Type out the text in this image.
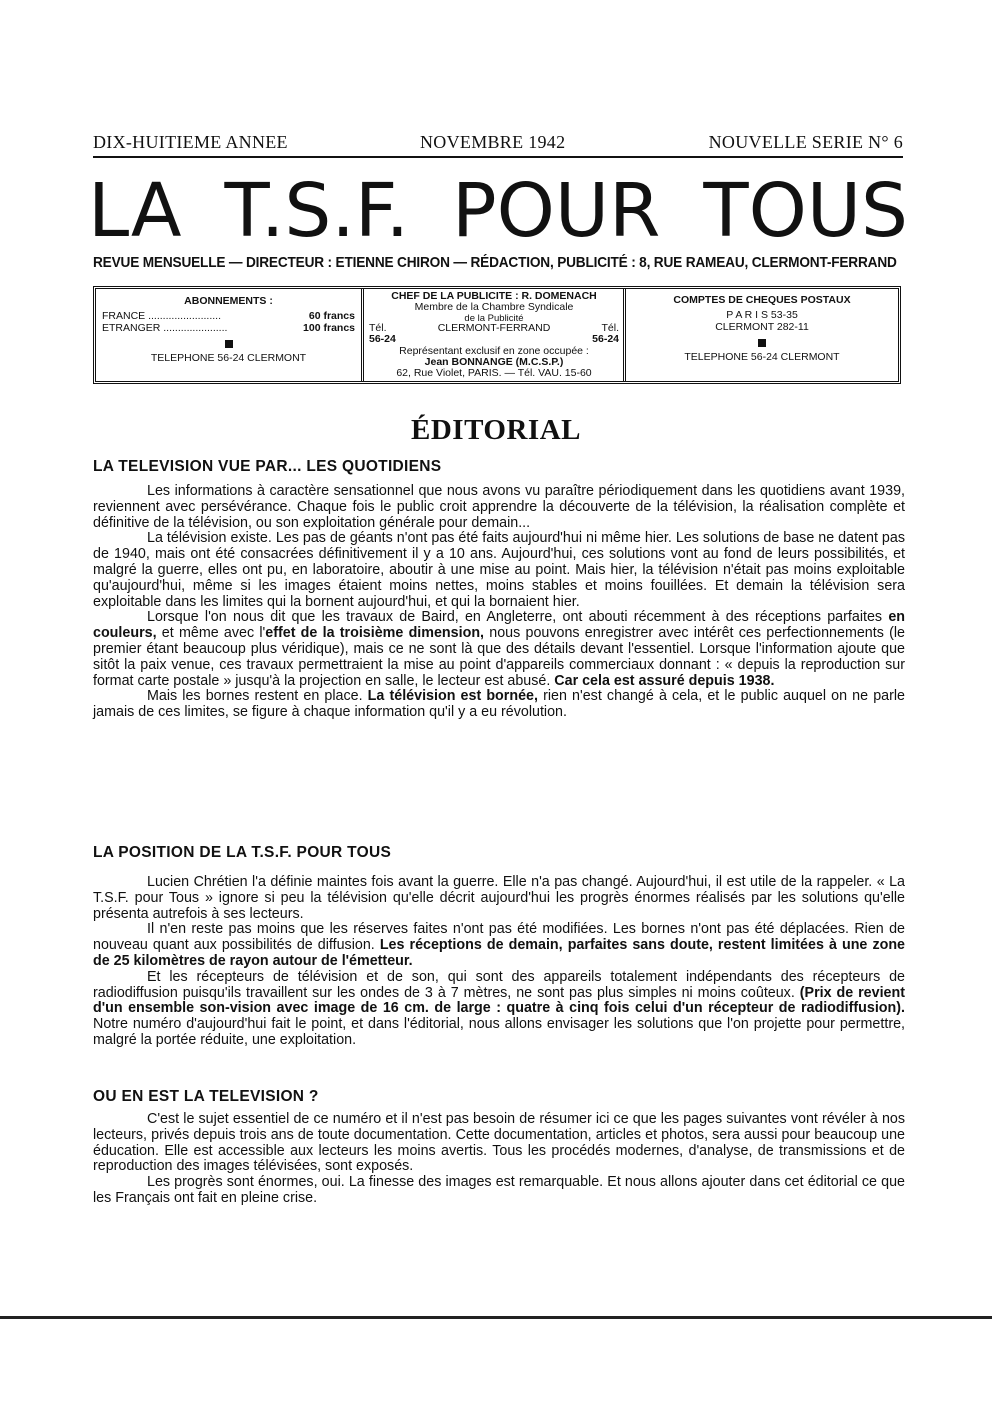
DIX-HUITIEME ANNEE	NOVEMBRE 1942	NOUVELLE SERIE N° 6
LA T.S.F. POUR TOUS
REVUE MENSUELLE — DIRECTEUR : ETIENNE CHIRON — RÉDACTION, PUBLICITÉ : 8, RUE RAMEAU, CLERMONT-FERRAND
ABONNEMENTS :
FRANCE .........................	60 francs
ETRANGER ......................	100 francs
TELEPHONE 56-24 CLERMONT
CHEF DE LA PUBLICITE : R. DOMENACH
Membre de la Chambre Syndicale
de la Publicité
Tél.	CLERMONT-FERRAND	Tél.
56-24	56-24
Représentant exclusif en zone occupée :
Jean BONNANGE (M.C.S.P.)
62, Rue Violet, PARIS. — Tél. VAU. 15-60
COMPTES DE CHEQUES POSTAUX
P A R I S 53-35
CLERMONT 282-11
TELEPHONE 56-24 CLERMONT
ÉDITORIAL
LA TELEVISION VUE PAR... LES QUOTIDIENS
Les informations à caractère sensationnel que nous avons vu paraître périodiquement dans les quotidiens avant 1939, reviennent avec persévérance. Chaque fois le public croit apprendre la découverte de la télévision, la réalisation complète et définitive de la télévision, ou son exploitation générale pour demain...
La télévision existe. Les pas de géants n'ont pas été faits aujourd'hui ni même hier. Les solutions de base ne datent pas de 1940, mais ont été consacrées définitivement il y a 10 ans. Aujourd'hui, ces solutions vont au fond de leurs possibilités, et malgré la guerre, elles ont pu, en laboratoire, aboutir à une mise au point. Mais hier, la télévision n'était pas moins exploitable qu'aujourd'hui, même si les images étaient moins nettes, moins stables et moins fouillées. Et demain la télévision sera exploitable dans les limites qui la bornent aujourd'hui, et qui la bornaient hier.
Lorsque l'on nous dit que les travaux de Baird, en Angleterre, ont abouti récemment à des réceptions parfaites en couleurs, et même avec l'effet de la troisième dimension, nous pouvons enregistrer avec intérêt ces perfectionnements (le premier étant beaucoup plus véridique), mais ce ne sont là que des détails devant l'essentiel. Lorsque l'information ajoute que sitôt la paix venue, ces travaux permettraient la mise au point d'appareils commerciaux donnant : « depuis la reproduction sur format carte postale » jusqu'à la projection en salle, le lecteur est abusé. Car cela est assuré depuis 1938.
Mais les bornes restent en place. La télévision est bornée, rien n'est changé à cela, et le public auquel on ne parle jamais de ces limites, se figure à chaque information qu'il y a eu révolution.
LA POSITION DE LA T.S.F. POUR TOUS
Lucien Chrétien l'a définie maintes fois avant la guerre. Elle n'a pas changé. Aujourd'hui, il est utile de la rappeler. « La T.S.F. pour Tous » ignore si peu la télévision qu'elle décrit aujourd'hui les progrès énormes réalisés par les solutions qu'elle présenta autrefois à ses lecteurs.
Il n'en reste pas moins que les réserves faites n'ont pas été modifiées. Les bornes n'ont pas été déplacées. Rien de nouveau quant aux possibilités de diffusion. Les réceptions de demain, parfaites sans doute, restent limitées à une zone de 25 kilomètres de rayon autour de l'émetteur.
Et les récepteurs de télévision et de son, qui sont des appareils totalement indépendants des récepteurs de radiodiffusion puisqu'ils travaillent sur les ondes de 3 à 7 mètres, ne sont pas plus simples ni moins coûteux. (Prix de revient d'un ensemble son-vision avec image de 16 cm. de large : quatre à cinq fois celui d'un récepteur de radiodiffusion). Notre numéro d'aujourd'hui fait le point, et dans l'éditorial, nous allons envisager les solutions que l'on projette pour permettre, malgré la portée réduite, une exploitation.
OU EN EST LA TELEVISION ?
C'est le sujet essentiel de ce numéro et il n'est pas besoin de résumer ici ce que les pages suivantes vont révéler à nos lecteurs, privés depuis trois ans de toute documentation. Cette documentation, articles et photos, sera aussi pour beaucoup une éducation. Elle est accessible aux lecteurs les moins avertis. Tous les procédés modernes, d'analyse, de transmissions et de reproduction des images télévisées, sont exposés.
Les progrès sont énormes, oui. La finesse des images est remarquable. Et nous allons ajouter dans cet éditorial ce que les Français ont fait en pleine crise.
